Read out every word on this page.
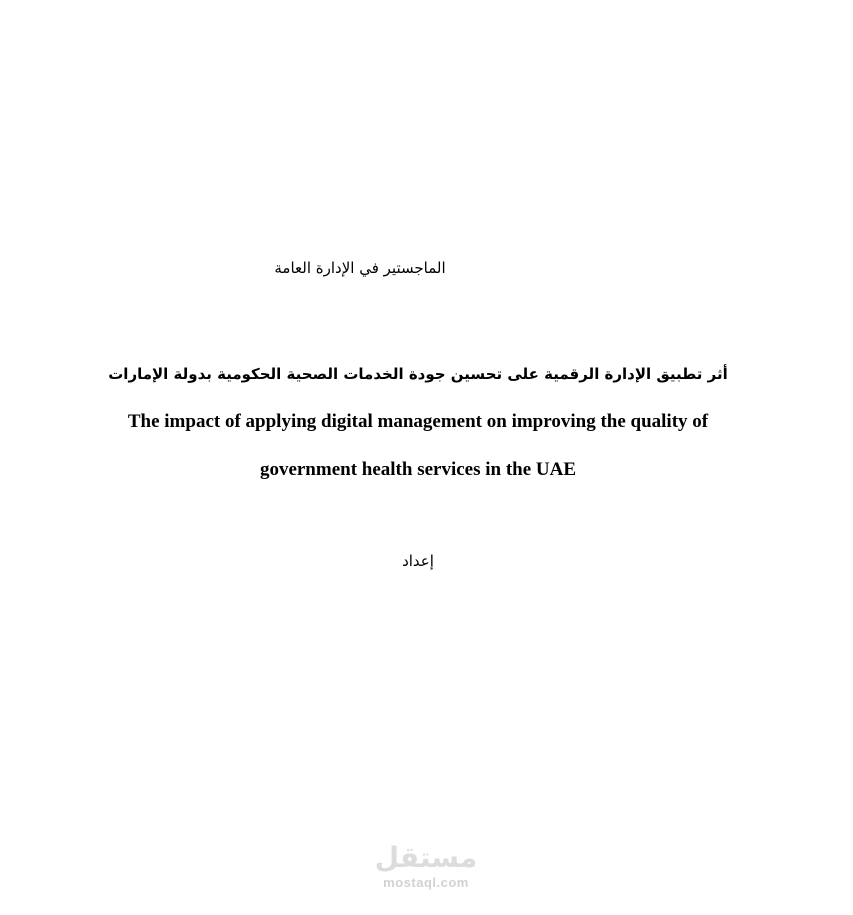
الماجستير في الإدارة العامة
أثر تطبيق الإدارة الرقمية على تحسين جودة الخدمات الصحية الحكومية بدولة الإمارات
The impact of applying digital management on improving the quality of
government health services in the UAE
إعداد
مستقل
mostaql.com
